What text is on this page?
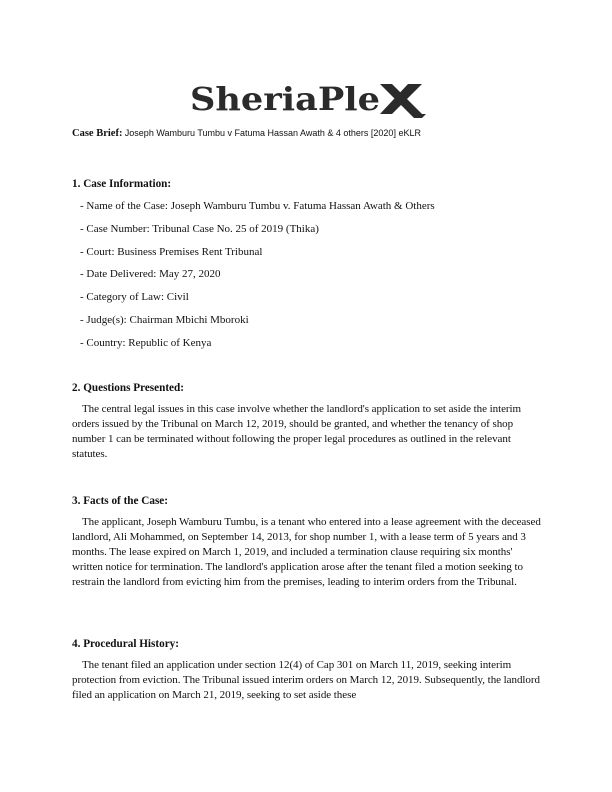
SheriaPle
Case Brief: Joseph Wamburu Tumbu v Fatuma Hassan Awath & 4 others [2020] eKLR

1. Case Information:

- Name of the Case: Joseph Wamburu Tumbu v. Fatuma Hassan Awath & Others
- Case Number: Tribunal Case No. 25 of 2019 (Thika)
- Court: Business Premises Rent Tribunal
- Date Delivered: May 27, 2020
- Category of Law: Civil
- Judge(s): Chairman Mbichi Mboroki
- Country: Republic of Kenya

2. Questions Presented:

The central legal issues in this case involve whether the landlord's application to set aside the interim orders issued by the Tribunal on March 12, 2019, should be granted, and whether the tenancy of shop number 1 can be terminated without following the proper legal procedures as outlined in the relevant statutes.

3. Facts of the Case:

The applicant, Joseph Wamburu Tumbu, is a tenant who entered into a lease agreement with the deceased landlord, Ali Mohammed, on September 14, 2013, for shop number 1, with a lease term of 5 years and 3 months. The lease expired on March 1, 2019, and included a termination clause requiring six months' written notice for termination. The landlord's application arose after the tenant filed a motion seeking to restrain the landlord from evicting him from the premises, leading to interim orders from the Tribunal.

4. Procedural History:

The tenant filed an application under section 12(4) of Cap 301 on March 11, 2019, seeking interim protection from eviction. The Tribunal issued interim orders on March 12, 2019. Subsequently, the landlord filed an application on March 21, 2019, seeking to set aside these
